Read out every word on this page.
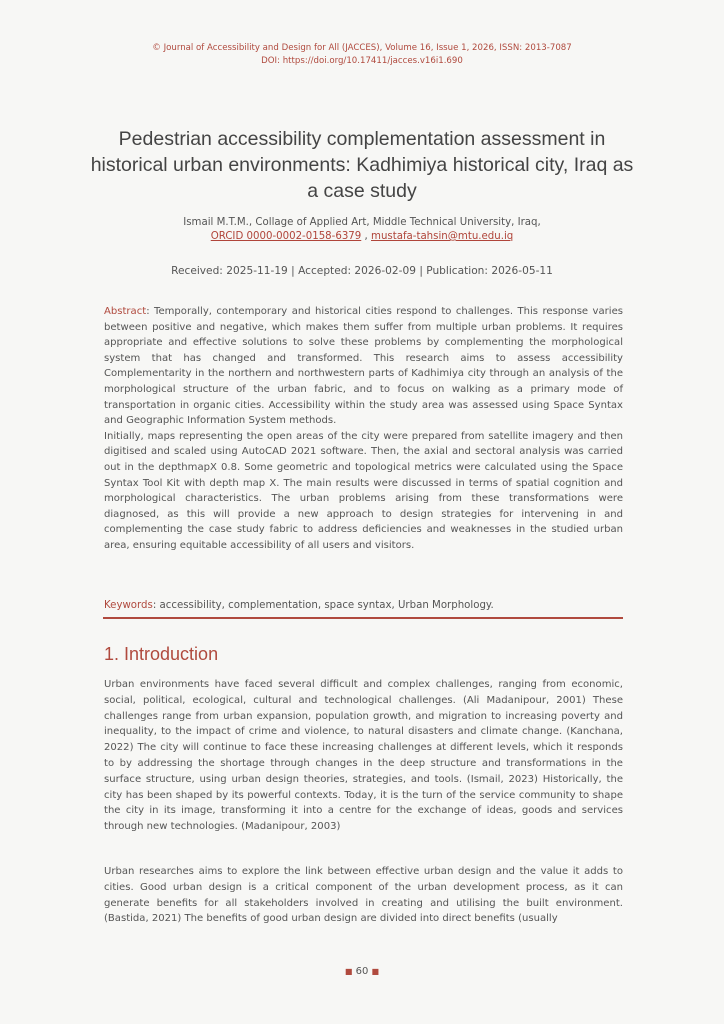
© Journal of Accessibility and Design for All (JACCES), Volume 16, Issue 1, 2026, ISSN: 2013-7087
DOI: https://doi.org/10.17411/jacces.v16i1.690
Pedestrian accessibility complementation assessment in historical urban environments: Kadhimiya historical city, Iraq as a case study
Ismail M.T.M., Collage of Applied Art, Middle Technical University, Iraq,
ORCID 0000-0002-0158-6379 , mustafa-tahsin@mtu.edu.iq
Received: 2025-11-19 | Accepted: 2026-02-09 | Publication: 2026-05-11

Abstract: Temporally, contemporary and historical cities respond to challenges. This response varies between positive and negative, which makes them suffer from multiple urban problems. It requires appropriate and effective solutions to solve these problems by complementing the morphological system that has changed and transformed. This research aims to assess accessibility Complementarity in the northern and northwestern parts of Kadhimiya city through an analysis of the morphological structure of the urban fabric, and to focus on walking as a primary mode of transportation in organic cities. Accessibility within the study area was assessed using Space Syntax and Geographic Information System methods.

Initially, maps representing the open areas of the city were prepared from satellite imagery and then digitised and scaled using AutoCAD 2021 software. Then, the axial and sectoral analysis was carried out in the depthmapX 0.8. Some geometric and topological metrics were calculated using the Space Syntax Tool Kit with depth map X. The main results were discussed in terms of spatial cognition and morphological characteristics. The urban problems arising from these transformations were diagnosed, as this will provide a new approach to design strategies for intervening in and complementing the case study fabric to address deficiencies and weaknesses in the studied urban area, ensuring equitable accessibility of all users and visitors.

Keywords: accessibility, complementation, space syntax, Urban Morphology.
1. Introduction

Urban environments have faced several difficult and complex challenges, ranging from economic, social, political, ecological, cultural and technological challenges. (Ali Madanipour, 2001) These challenges range from urban expansion, population growth, and migration to increasing poverty and inequality, to the impact of crime and violence, to natural disasters and climate change. (Kanchana, 2022) The city will continue to face these increasing challenges at different levels, which it responds to by addressing the shortage through changes in the deep structure and transformations in the surface structure, using urban design theories, strategies, and tools. (Ismail, 2023) Historically, the city has been shaped by its powerful contexts. Today, it is the turn of the service community to shape the city in its image, transforming it into a centre for the exchange of ideas, goods and services through new technologies. (Madanipour, 2003)

Urban researches aims to explore the link between effective urban design and the value it adds to cities. Good urban design is a critical component of the urban development process, as it can generate benefits for all stakeholders involved in creating and utilising the built environment. (Bastida, 2021) The benefits of good urban design are divided into direct benefits (usually

■ 60 ■
